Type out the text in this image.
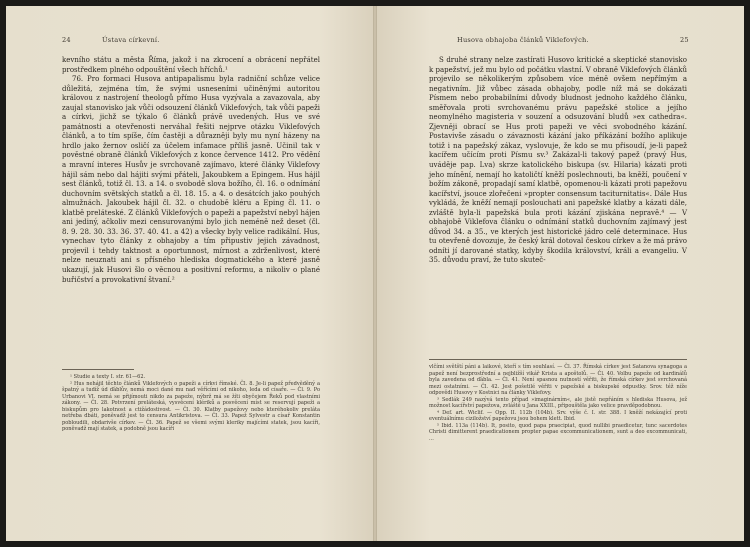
24	Ústava církevní.

kevního státu a města Říma, jakož i na zkrocení a obrácení nepřátel prostředkem plného odpouštění všech hříchů.¹

76. Pro formaci Husova antipapalismu byla radniční schůze velice důležitá, zejména tím, že svými usneseními učiněnými autoritou královou z nastrojení theologů přímo Husa vyzývala a zavazovala, aby zaujal stanovisko jak vůči odsouzení článků Viklefových, tak vůči papeži a církvi, jichž se týkalo 6 článků právě uvedených. Hus ve své památnosti a otevřenosti nerváhal řešiti nejprve otázku Viklefových článků, a to tím spíše, čím častěji a důrazněji byly mu nyní házeny na hrdlo jako žernov osličí za účelem infamace příliš jasně. Učinil tak v pověstné obraně článků Viklefových z konce července 1412. Pro vědění a mravní interes Husův je svrchovaně zajímavo, které články Viklefovy hájil sám nebo dal hájiti svými přáteli, Jakoubkem a Epingem. Hus hájil sest článků, totiž čl. 13. a 14. o svobodě slova božího, čl. 16. o odnímání duchovním světských statků a čl. 18. 15. a 4. o desátcích jako pouhých almužnách. Jakoubek hájil čl. 32. o chudobě kléru a Eping čl. 11. o klatbě preláteské. Z článků Viklefových o papeži a papežství nebyl hájen ani jediný, ačkoliv mezi censurovanými bylo jich neméně než deset (čl. 8. 9. 28. 30. 33. 36. 37. 40. 41. a 42) a všecky byly velice radikální. Hus, vynechav tyto články z obhajoby a tím připustiv jejich závadnost, projevil i tehdy taktnost a oportunnost, mírnost a zdrženlivost, které nelze neuznati ani s přísného hlediska dogmatického a které jasně ukazují, jak Husovi šlo o věcnou a positivní reformu, a nikoliv o plané buřičství a provokativní štvaní.²

¹ Studie a texty I. str. 61—62.

² Hus nehájil těchto článků Viklefových o papeži a církvi římské. Čl. 8. Je-li papež předvěděný a špatný a tudíž úd ďáblův, nemá moci dané mu nad věřícími od nikoho, leda od císaře. — Čl. 9. Po Urbanovi VI. nemá se přijímouti nikdo za papeže, nýbrž má se žíti obyčejem Řeků pod vlastními zákony. — Čl. 28. Potvrzení preláteská, vysvěcení klériků a posvěcení míst se reservují papeži a biskupům pro lakotnost a ctižádostivost. — Čl. 30. Klatby papežovy nebo kteréhokoliv preláta netřeba dbáti, poněvadž jest to censura Antikristova. — Čl. 33. Papež Sylvestr a císař Konstantin pobloudili, obdarivše církev. — Čl. 36. Papež se všemi svými kleriky majícími statek, jsou kacíři, poněvadž mají statek, a podobně jsou kacíři

Husova obhajoba článků Viklefových.	25

S druhé strany nelze zastírati Husovo kritické a skeptické stanovisko k papežství, jež mu bylo od počátku vlastní. V obraně Viklefových článků projevilo se několikerým způsobem více méně ovšem nepřímým a negativním. Již vůbec zásada obhajoby, podle níž má se dokázati Písmem nebo probabilními důvody bludnost jednoho každého článku, směřovala proti svrchovanému právu papežské stolice a jejího neomylného magisteria v souzení a odsuzování bludů »ex cathedra«. Zjevněji obrací se Hus proti papeži ve věci svobodného kázání. Postavivše zásadu o závaznosti kázání jako příkázání božího aplikuje totiž i na papežský zákaz, vyslovuje, že kdo se mu přisoudí, je-li papež kacířem učícím proti Písmu sv.³ Zakázal-li takový papež (pravý Hus, uváděje pap. Lva) skrze katolického biskupa (sv. Hilaria) kázati proti jeho mínění, nemají ho katoličtí kněží poslechnouti, ba kněží, poučení v božím zákoně, propadají samí klatbě, opomenou-li kázati proti papežovu kacířství, jsouce zlořečeni »propter consensum taciturnitatis«. Dále Hus vykládá, že kněží nemají poslouchati ani papežské klatby a kázati dále, zvláště byla-li papežská bula proti kázání zjiskána nepravě.⁴ — V obhajobě Viklefova článku o odnímání statků duchovním zajímavý jest důvod 34. a 35., ve kterých jest historické jádro celé determinace. Hus tu otevřeně dovozuje, že český král dotoval českou církev a že má právo odníti jí darované statky, kdyby škodila království, králi a evangeliu. V 35. důvodu praví, že tuto skuteč-

vlčími světští páni a laikové, kteří s tím souhlasí. — Čl. 37. Římská církev jest Satanova synagoga a papež není bezprostřední a nejbližší vikář Krista a apoštolů. — Čl. 40. Volbu papeže od kardinálů byla zavedena od ďábla. — Čl. 41. Není spasnou nutností věřiti, že římská církev jest svrchovaná mezi ostatními. — Čl. 42. Jest pošetilé věřiti v papežské a biskupské odpustky. Srov. též níže odpovědi Husovy v Kostnici na články Viklefovy.

³ Sedlák 249 nazývá tento případ »imaginárním«, ale jistě nepřáním s hlediska Husova, jež možnost kacířství papežova, zvláště u Jana XXIII., připouštěla jako velice pravděpodobnou.

⁴ Def. art. Wiclif. — Opp. II. 112b (104b). Srv. výše č. I. str. 388. I kněží nekázající proti eventuálnímu ciziložství papežovu jsou bohem klett. Ibid.

⁵ Ibid. 113a (114b). It, posito, quod papa praecipiat, quod nullibi praedicetur, tunc sacerdotes Christi dimitterent praedicationem propter papae excommunicationem, sunt a deo excommunicati, ...
